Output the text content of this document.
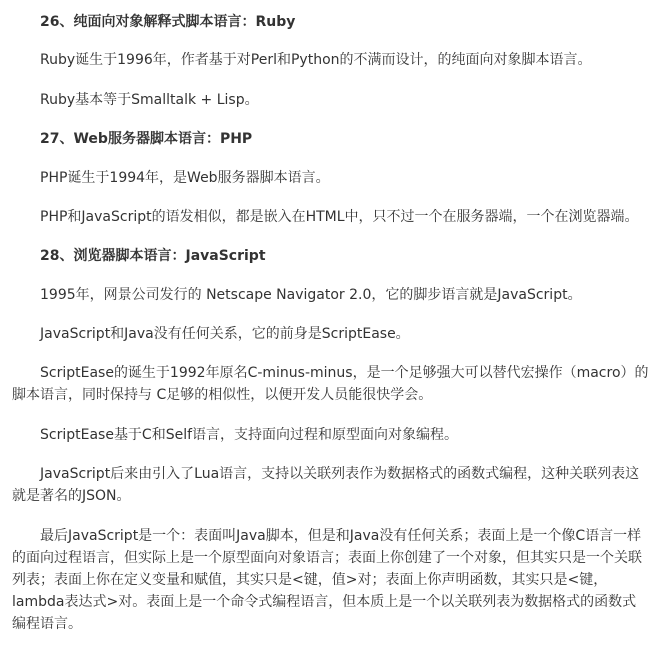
26、纯面向对象解释式脚本语言：Ruby
Ruby诞生于1996年，作者基于对Perl和Python的不满而设计，的纯面向对象脚本语言。
Ruby基本等于Smalltalk + Lisp。
27、Web服务器脚本语言：PHP
PHP诞生于1994年，是Web服务器脚本语言。
PHP和JavaScript的语发相似，都是嵌入在HTML中，只不过一个在服务器端，一个在浏览器端。
28、浏览器脚本语言：JavaScript
1995年，网景公司发行的 Netscape Navigator 2.0，它的脚步语言就是JavaScript。
JavaScript和Java没有任何关系，它的前身是ScriptEase。
ScriptEase的诞生于1992年原名C-minus-minus，是一个足够强大可以替代宏操作（macro）的
脚本语言，同时保持与 C足够的相似性，以便开发人员能很快学会。
ScriptEase基于C和Self语言，支持面向过程和原型面向对象编程。
JavaScript后来由引入了Lua语言，支持以关联列表作为数据格式的函数式编程，这种关联列表这
就是著名的JSON。
最后JavaScript是一个：表面叫Java脚本，但是和Java没有任何关系；表面上是一个像C语言一样
的面向过程语言，但实际上是一个原型面向对象语言；表面上你创建了一个对象，但其实只是一个关联
列表；表面上你在定义变量和赋值，其实只是<键，值>对；表面上你声明函数，其实只是<键，
lambda表达式>对。表面上是一个命令式编程语言，但本质上是一个以关联列表为数据格式的函数式
编程语言。
